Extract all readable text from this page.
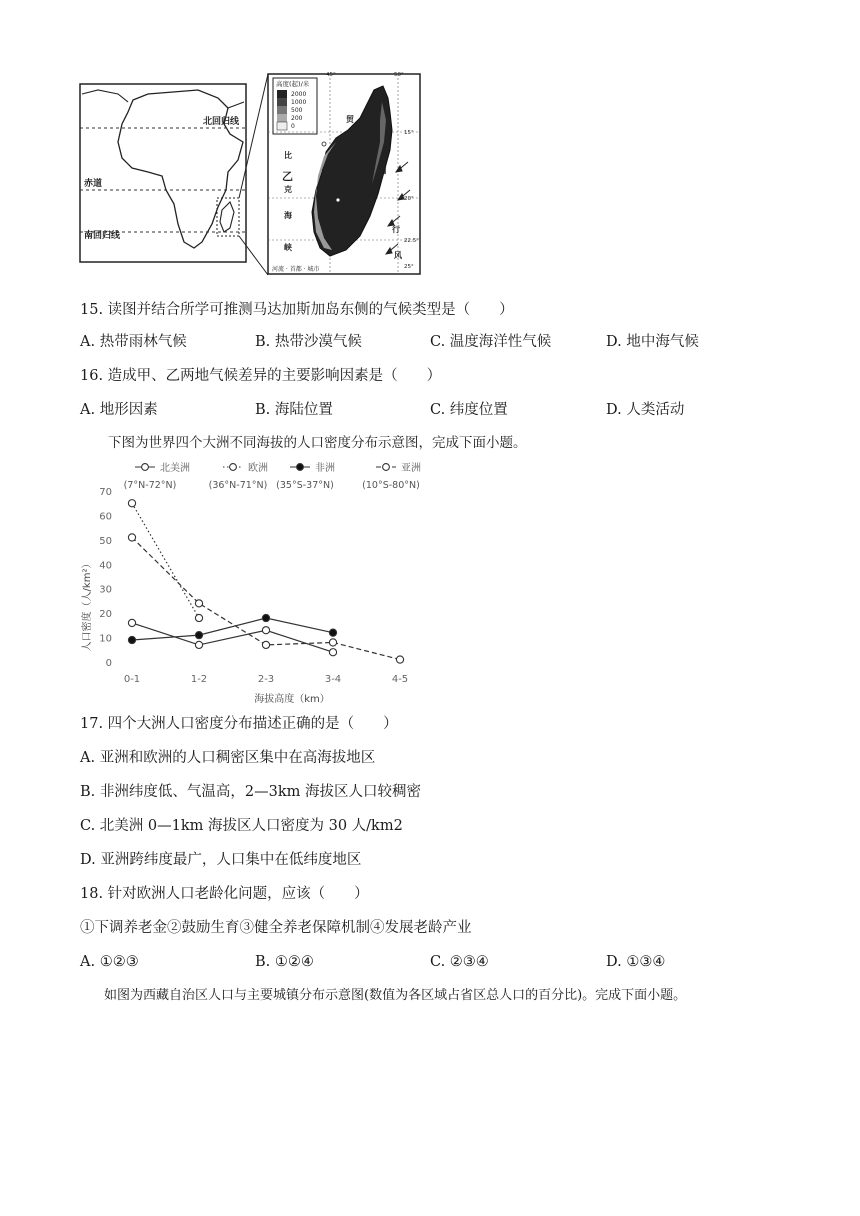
北回归线
赤道
南回归线
高度(起)/米
2000
1000
500
200
0
45°	50°
15°
20°
22.5°
25°
贸
比
乙
克
海
峡
甲
行
风
河流 · 首都 · 城市
15. 读图并结合所学可推测马达加斯加岛东侧的气候类型是（　　）
A. 热带雨林气候	B. 热带沙漠气候	C. 温度海洋性气候	D. 地中海气候
16. 造成甲、乙两地气候差异的主要影响因素是（　　）
A. 地形因素	B. 海陆位置	C. 纬度位置	D. 人类活动
下图为世界四个大洲不同海拔的人口密度分布示意图，完成下面小题。
北美洲
(7°N-72°N)
欧洲
(36°N-71°N)
非洲
(35°S-37°N)
亚洲
(10°S-80°N)
0
10
20
30
40
50
60
70
0-1	1-2	2-3	3-4	4-5
人口密度（人/km²）
海拔高度（km）
17. 四个大洲人口密度分布描述正确的是（　　）
A. 亚洲和欧洲的人口稠密区集中在高海拔地区
B. 非洲纬度低、气温高，2—3km 海拔区人口较稠密
C. 北美洲 0—1km 海拔区人口密度为 30 人/km2
D. 亚洲跨纬度最广，人口集中在低纬度地区
18. 针对欧洲人口老龄化问题，应该（　　）
①下调养老金②鼓励生育③健全养老保障机制④发展老龄产业
A. ①②③	B. ①②④	C. ②③④	D. ①③④
如图为西藏自治区人口与主要城镇分布示意图(数值为各区域占省区总人口的百分比)。完成下面小题。
